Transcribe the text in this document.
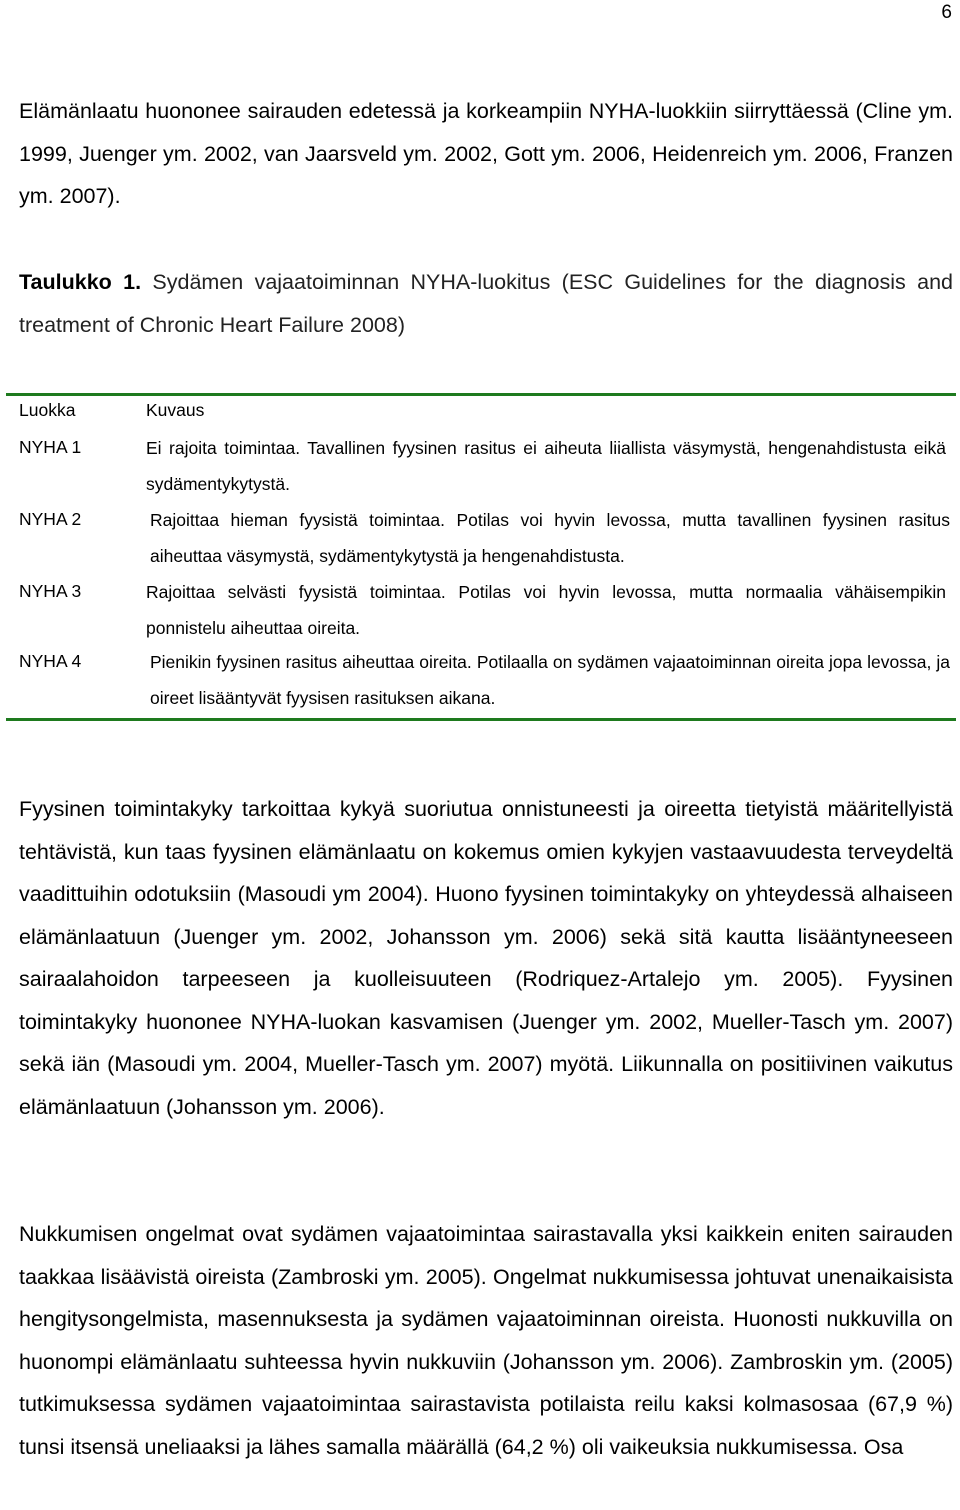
6

Elämänlaatu huononee sairauden edetessä ja korkeampiin NYHA-luokkiin siirryttäessä (Cline ym. 1999, Juenger ym. 2002, van Jaarsveld ym. 2002, Gott ym. 2006, Heidenreich ym. 2006, Franzen ym. 2007).

Taulukko 1. Sydämen vajaatoiminnan NYHA-luokitus (ESC Guidelines for the diagnosis and treatment of Chronic Heart Failure 2008)

Luokka	Kuvaus
NYHA 1	Ei rajoita toimintaa. Tavallinen fyysinen rasitus ei aiheuta liiallista väsymystä, hengenahdistusta eikä sydämentykytystä.

NYHA 2	Rajoittaa hieman fyysistä toimintaa. Potilas voi hyvin levossa, mutta tavallinen fyysinen rasitus aiheuttaa väsymystä, sydämentykytystä ja hengenahdistusta.

NYHA 3	Rajoittaa selvästi fyysistä toimintaa. Potilas voi hyvin levossa, mutta normaalia vähäisempikin ponnistelu aiheuttaa oireita.

NYHA 4	Pienikin fyysinen rasitus aiheuttaa oireita. Potilaalla on sydämen vajaatoiminnan oireita jopa levossa, ja oireet lisääntyvät fyysisen rasituksen aikana.

Fyysinen toimintakyky tarkoittaa kykyä suoriutua onnistuneesti ja oireetta tietyistä määritellyistä tehtävistä, kun taas fyysinen elämänlaatu on kokemus omien kykyjen vastaavuudesta terveydeltä vaadittuihin odotuksiin (Masoudi ym 2004). Huono fyysinen toimintakyky on yhteydessä alhaiseen elämänlaatuun (Juenger ym. 2002, Johansson ym. 2006) sekä sitä kautta lisääntyneeseen sairaalahoidon tarpeeseen ja kuolleisuuteen (Rodriquez-Artalejo ym. 2005). Fyysinen toimintakyky huononee NYHA-luokan kasvamisen (Juenger ym. 2002, Mueller-Tasch ym. 2007) sekä iän (Masoudi ym. 2004, Mueller-Tasch ym. 2007) myötä. Liikunnalla on positiivinen vaikutus elämänlaatuun (Johansson ym. 2006).

Nukkumisen ongelmat ovat sydämen vajaatoimintaa sairastavalla yksi kaikkein eniten sairauden taakkaa lisäävistä oireista (Zambroski ym. 2005). Ongelmat nukkumisessa johtuvat unenaikaisista hengitysongelmista, masennuksesta ja sydämen vajaatoiminnan oireista. Huonosti nukkuvilla on huonompi elämänlaatu suhteessa hyvin nukkuviin (Johansson ym. 2006). Zambroskin ym. (2005) tutkimuksessa sydämen vajaatoimintaa sairastavista potilaista reilu kaksi kolmasosaa (67,9 %) tunsi itsensä uneliaaksi ja lähes samalla määrällä (64,2 %) oli vaikeuksia nukkumisessa. Osa
